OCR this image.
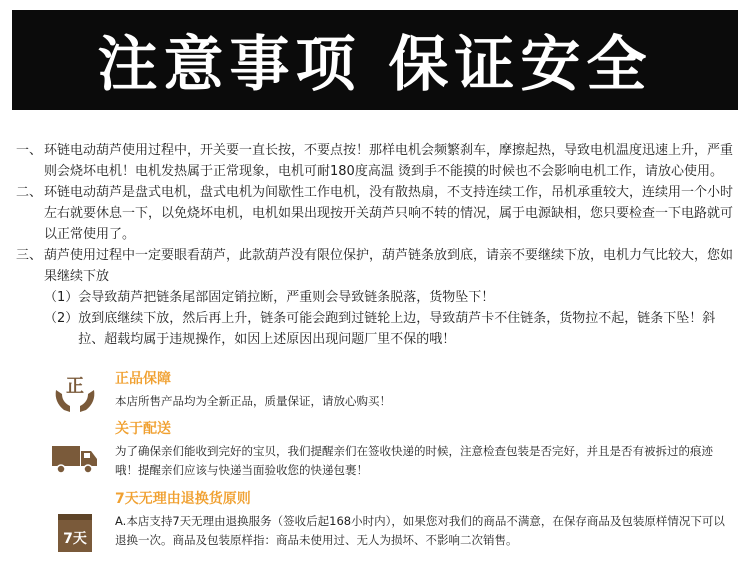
注意事项 保证安全
一、 环链电动葫芦使用过程中，开关要一直长按，不要点按！那样电机会频繁刹车，摩擦起热，导致电机温度迅速上升，严重则会烧坏电机！电机发热属于正常现象，电机可耐180度高温 烫到手不能摸的时候也不会影响电机工作，请放心使用。
二、 环链电动葫芦是盘式电机，盘式电机为间歇性工作电机，没有散热扇，不支持连续工作，吊机承重较大，连续用一个小时左右就要休息一下，以免烧坏电机，电机如果出现按开关葫芦只响不转的情况，属于电源缺相，您只要检查一下电路就可以正常使用了。
三、 葫芦使用过程中一定要眼看葫芦，此款葫芦没有限位保护，葫芦链条放到底，请亲不要继续下放，电机力气比较大，您如果继续下放
（1） 会导致葫芦把链条尾部固定销拉断，严重则会导致链条脱落，货物坠下！
（2） 放到底继续下放，然后再上升，链条可能会跑到过链轮上边，导致葫芦卡不住链条，货物拉不起，链条下坠！斜拉、超载均属于违规操作，如因上述原因出现问题厂里不保的哦！
正 正品保障
本店所售产品均为全新正品，质量保证，请放心购买！
关于配送
为了确保亲们能收到完好的宝贝，我们提醒亲们在签收快递的时候，注意检查包装是否完好，并且是否有被拆过的痕迹哦！提醒亲们应该与快递当面验收您的快递包裹！
7天
7天无理由退换货原则
A.本店支持7天无理由退换服务（签收后起168小时内），如果您对我们的商品不满意，在保存商品及包装原样情况下可以退换一次。商品及包装原样指：商品未使用过、无人为损坏、不影响二次销售。
